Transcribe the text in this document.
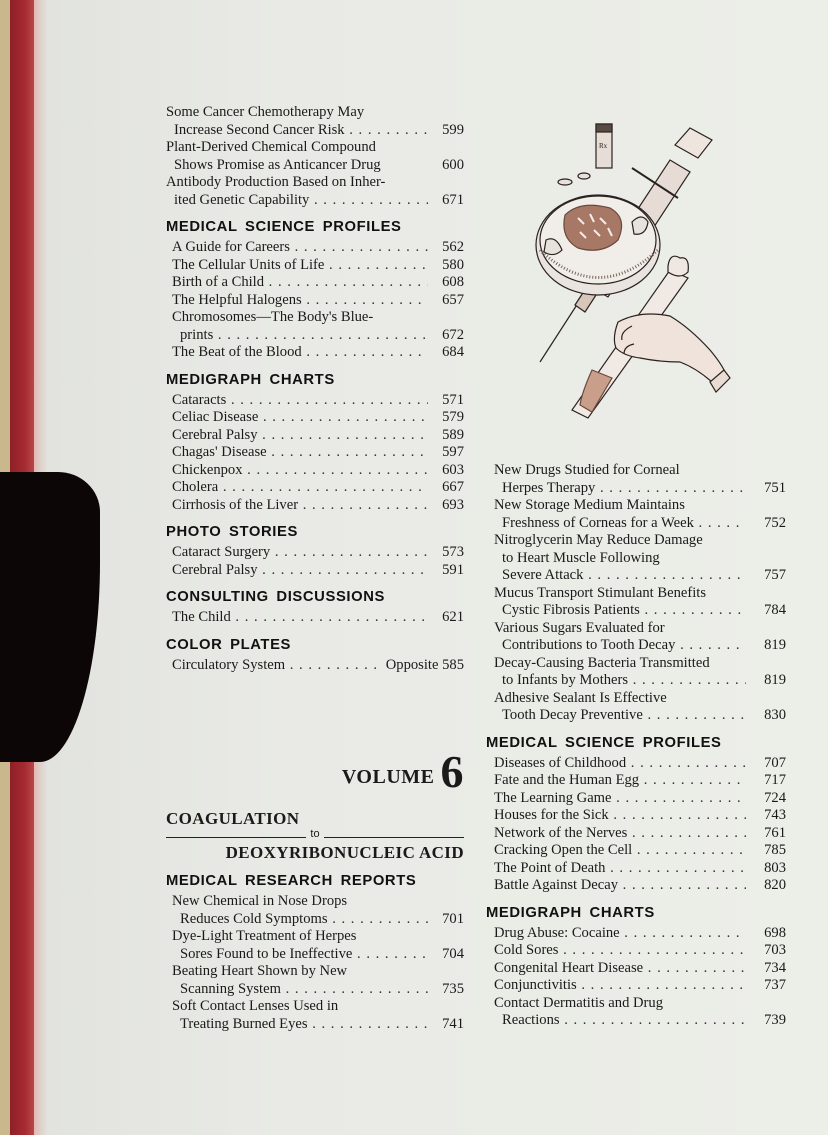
Some Cancer Chemotherapy May
Increase Second Cancer Risk . . .	599
Plant-Derived Chemical Compound
Shows Promise as Anticancer Drug	600
Antibody Production Based on Inher-
ited Genetic Capability . . .	671
MEDICAL SCIENCE PROFILES
A Guide for Careers . . .	562
The Cellular Units of Life . . .	580
Birth of a Child . . .	608
The Helpful Halogens . . .	657
Chromosomes—The Body's Blue-
prints . . .	672
The Beat of the Blood . . .	684
MEDIGRAPH CHARTS
Cataracts . . .	571
Celiac Disease . . .	579
Cerebral Palsy . . .	589
Chagas' Disease . . .	597
Chickenpox . . .	603
Cholera . . .	667
Cirrhosis of the Liver . . .	693
PHOTO STORIES
Cataract Surgery . . .	573
Cerebral Palsy . . .	591
CONSULTING DISCUSSIONS
The Child . . .	621
COLOR PLATES
Circulatory System . . .	Opposite 585
VOLUME 6
COAGULATION
to
DEOXYRIBONUCLEIC ACID
MEDICAL RESEARCH REPORTS
New Chemical in Nose Drops
Reduces Cold Symptoms . . .	701
Dye-Light Treatment of Herpes
Sores Found to be Ineffective . . .	704
Beating Heart Shown by New
Scanning System . . .	735
Soft Contact Lenses Used in
Treating Burned Eyes . . .	741
Rx
New Drugs Studied for Corneal
Herpes Therapy . . .	751
New Storage Medium Maintains
Freshness of Corneas for a Week . . .	752
Nitroglycerin May Reduce Damage
to Heart Muscle Following
Severe Attack . . .	757
Mucus Transport Stimulant Benefits
Cystic Fibrosis Patients . . .	784
Various Sugars Evaluated for
Contributions to Tooth Decay . . .	819
Decay-Causing Bacteria Transmitted
to Infants by Mothers . . .	819
Adhesive Sealant Is Effective
Tooth Decay Preventive . . .	830
MEDICAL SCIENCE PROFILES
Diseases of Childhood . . .	707
Fate and the Human Egg . . .	717
The Learning Game . . .	724
Houses for the Sick . . .	743
Network of the Nerves . . .	761
Cracking Open the Cell . . .	785
The Point of Death . . .	803
Battle Against Decay . . .	820
MEDIGRAPH CHARTS
Drug Abuse: Cocaine . . .	698
Cold Sores . . .	703
Congenital Heart Disease . . .	734
Conjunctivitis . . .	737
Contact Dermatitis and Drug
Reactions . . .	739
